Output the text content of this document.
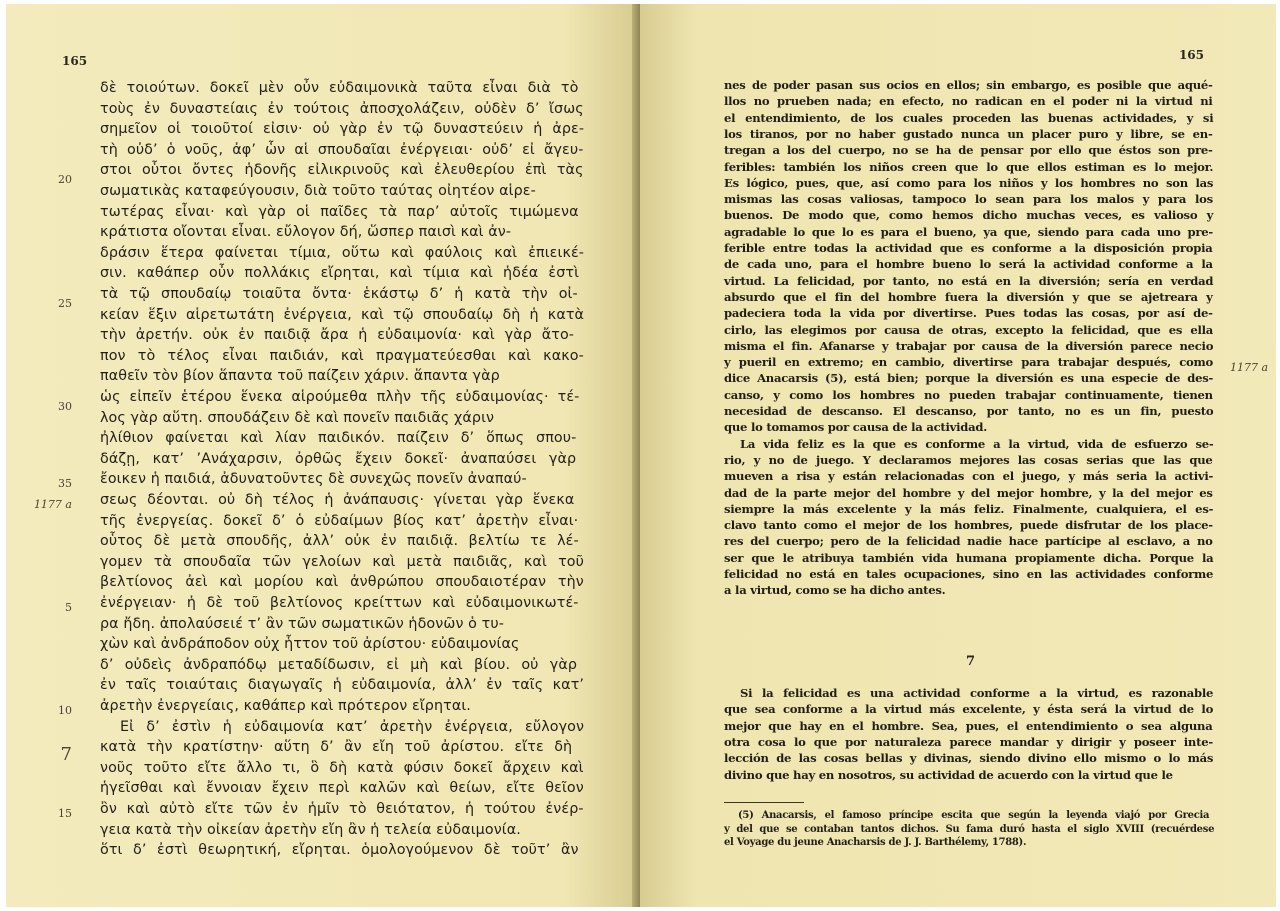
165
20
25
30
35
1177 a
5
10
7
15
δὲ τοιούτων. δοκεῖ μὲν οὖν εὐδαιμονικὰ ταῦτα εἶναι διὰ τὸ
τοὺς ἐν δυναστείαις ἐν τούτοις ἀποσχολάζειν, οὐδὲν δ’ ἴσως
σημεῖον οἱ τοιοῦτοί εἰσιν· οὐ γὰρ ἐν τῷ δυναστεύειν ἡ ἀρε-
τὴ οὐδ’ ὁ νοῦς, ἀφ’ ὧν αἱ σπουδαῖαι ἐνέργειαι· οὐδ’ εἰ ἄγευ-
στοι οὗτοι ὄντες ἡδονῆς εἰλικρινοῦς καὶ ἐλευθερίου ἐπὶ τὰς
σωματικὰς καταφεύγουσιν, διὰ τοῦτο ταύτας οἰητέον αἱρε-
τωτέρας εἶναι· καὶ γὰρ οἱ παῖδες τὰ παρ’ αὐτοῖς τιμώμενα
κράτιστα οἴονται εἶναι. εὔλογον δή, ὥσπερ παισὶ καὶ ἀν-
δράσιν ἕτερα φαίνεται τίμια, οὕτω καὶ φαύλοις καὶ ἐπιεικέ-
σιν. καθάπερ οὖν πολλάκις εἴρηται, καὶ τίμια καὶ ἡδέα ἐστὶ
τὰ τῷ σπουδαίῳ τοιαῦτα ὄντα· ἑκάστῳ δ’ ἡ κατὰ τὴν οἰ-
κείαν ἕξιν αἱρετωτάτη ἐνέργεια, καὶ τῷ σπουδαίῳ δὴ ἡ κατὰ
τὴν ἀρετήν. οὐκ ἐν παιδιᾷ ἄρα ἡ εὐδαιμονία· καὶ γὰρ ἄτο-
πον τὸ τέλος εἶναι παιδιάν, καὶ πραγματεύεσθαι καὶ κακο-
παθεῖν τὸν βίον ἅπαντα τοῦ παίζειν χάριν. ἅπαντα γὰρ
ὡς εἰπεῖν ἑτέρου ἕνεκα αἱρούμεθα πλὴν τῆς εὐδαιμονίας· τέ-
λος γὰρ αὕτη. σπουδάζειν δὲ καὶ πονεῖν παιδιᾶς χάριν
ἠλίθιον φαίνεται καὶ λίαν παιδικόν. παίζειν δ’ ὅπως σπου-
δάζῃ, κατ’ ’Ανάχαρσιν, ὀρθῶς ἔχειν δοκεῖ· ἀναπαύσει γὰρ
ἔοικεν ἡ παιδιά, ἀδυνατοῦντες δὲ συνεχῶς πονεῖν ἀναπαύ-
σεως δέονται. οὐ δὴ τέλος ἡ ἀνάπαυσις· γίνεται γὰρ ἕνεκα
τῆς ἐνεργείας. δοκεῖ δ’ ὁ εὐδαίμων βίος κατ’ ἀρετὴν εἶναι·
οὗτος δὲ μετὰ σπουδῆς, ἀλλ’ οὐκ ἐν παιδιᾷ. βελτίω τε λέ-
γομεν τὰ σπουδαῖα τῶν γελοίων καὶ μετὰ παιδιᾶς, καὶ τοῦ
βελτίονος ἀεὶ καὶ μορίου καὶ ἀνθρώπου σπουδαιοτέραν τὴν
ἐνέργειαν· ἡ δὲ τοῦ βελτίονος κρείττων καὶ εὐδαιμονικωτέ-
ρα ἤδη. ἀπολαύσειέ τ’ ἂν τῶν σωματικῶν ἡδονῶν ὁ τυ-
χὼν καὶ ἀνδράποδον οὐχ ἧττον τοῦ ἀρίστου· εὐδαιμονίας
δ’ οὐδεὶς ἀνδραπόδῳ μεταδίδωσιν, εἰ μὴ καὶ βίου. οὐ γὰρ
ἐν ταῖς τοιαύταις διαγωγαῖς ἡ εὐδαιμονία, ἀλλ’ ἐν ταῖς κατ’
ἀρετὴν ἐνεργείαις, καθάπερ καὶ πρότερον εἴρηται.
Εἰ δ’ ἐστὶν ἡ εὐδαιμονία κατ’ ἀρετὴν ἐνέργεια, εὔλογον
κατὰ τὴν κρατίστην· αὕτη δ’ ἂν εἴη τοῦ ἀρίστου. εἴτε δὴ
νοῦς τοῦτο εἴτε ἄλλο τι, ὃ δὴ κατὰ φύσιν δοκεῖ ἄρχειν καὶ
ἡγεῖσθαι καὶ ἔννοιαν ἔχειν περὶ καλῶν καὶ θείων, εἴτε θεῖον
ὂν καὶ αὐτὸ εἴτε τῶν ἐν ἡμῖν τὸ θειότατον, ἡ τούτου ἐνέρ-
γεια κατὰ τὴν οἰκείαν ἀρετὴν εἴη ἂν ἡ τελεία εὐδαιμονία.
ὅτι δ’ ἐστὶ θεωρητική, εἴρηται. ὁμολογούμενον δὲ τοῦτ’ ἂν
165
1177 a
nes de poder pasan sus ocios en ellos; sin embargo, es posible que aqué-
llos no prueben nada; en efecto, no radican en el poder ni la virtud ni
el entendimiento, de los cuales proceden las buenas actividades, y si
los tiranos, por no haber gustado nunca un placer puro y libre, se en-
tregan a los del cuerpo, no se ha de pensar por ello que éstos son pre-
feribles: también los niños creen que lo que ellos estiman es lo mejor.
Es lógico, pues, que, así como para los niños y los hombres no son las
mismas las cosas valiosas, tampoco lo sean para los malos y para los
buenos. De modo que, como hemos dicho muchas veces, es valioso y
agradable lo que lo es para el bueno, ya que, siendo para cada uno pre-
ferible entre todas la actividad que es conforme a la disposición propia
de cada uno, para el hombre bueno lo será la actividad conforme a la
virtud. La felicidad, por tanto, no está en la diversión; sería en verdad
absurdo que el fin del hombre fuera la diversión y que se ajetreara y
padeciera toda la vida por divertirse. Pues todas las cosas, por así de-
cirlo, las elegimos por causa de otras, excepto la felicidad, que es ella
misma el fin. Afanarse y trabajar por causa de la diversión parece necio
y pueril en extremo; en cambio, divertirse para trabajar después, como
dice Anacarsis (5), está bien; porque la diversión es una especie de des-
canso, y como los hombres no pueden trabajar continuamente, tienen
necesidad de descanso. El descanso, por tanto, no es un fin, puesto
que lo tomamos por causa de la actividad.
La vida feliz es la que es conforme a la virtud, vida de esfuerzo se-
rio, y no de juego. Y declaramos mejores las cosas serias que las que
mueven a risa y están relacionadas con el juego, y más seria la activi-
dad de la parte mejor del hombre y del mejor hombre, y la del mejor es
siempre la más excelente y la más feliz. Finalmente, cualquiera, el es-
clavo tanto como el mejor de los hombres, puede disfrutar de los place-
res del cuerpo; pero de la felicidad nadie hace partícipe al esclavo, a no
ser que le atribuya también vida humana propiamente dicha. Porque la
felicidad no está en tales ocupaciones, sino en las actividades conforme
a la virtud, como se ha dicho antes.
Si la felicidad es una actividad conforme a la virtud, es razonable
que sea conforme a la virtud más excelente, y ésta será la virtud de lo
mejor que hay en el hombre. Sea, pues, el entendimiento o sea alguna
otra cosa lo que por naturaleza parece mandar y dirigir y poseer inte-
lección de las cosas bellas y divinas, siendo divino ello mismo o lo más
divino que hay en nosotros, su actividad de acuerdo con la virtud que le
7
(5) Anacarsis, el famoso príncipe escita que según la leyenda viajó por Grecia
y del que se contaban tantos dichos. Su fama duró hasta el siglo XVIII (recuérdese
el Voyage du jeune Anacharsis de J. J. Barthélemy, 1788).
